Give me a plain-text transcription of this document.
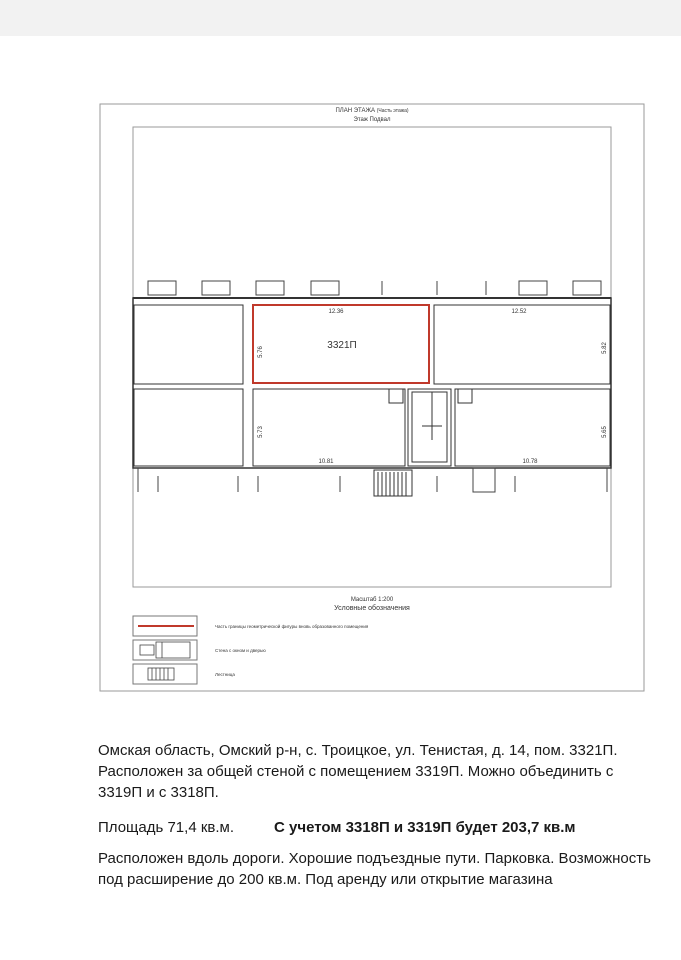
ПЛАН ЭТАЖА (Часть этажа)
Этаж Подвал
3321П
12.36	12.52
5.76
5.73
5.82
5.65
10.81	10.78
Масштаб 1:200
Условные обозначения
Часть границы геометрической фигуры вновь образованного помещения
Стена с окном и дверью
Лестница
Омская область, Омский р-н, с. Троицкое, ул. Тенистая, д. 14, пом. 3321П. Расположен за общей стеной с помещением 3319П. Можно объединить с 3319П и с 3318П.
Площадь 71,4 кв.м.	С учетом 3318П и 3319П будет 203,7 кв.м
Расположен вдоль дороги. Хорошие подъездные пути. Парковка. Возможность под расширение до 200 кв.м. Под аренду или открытие магазина
